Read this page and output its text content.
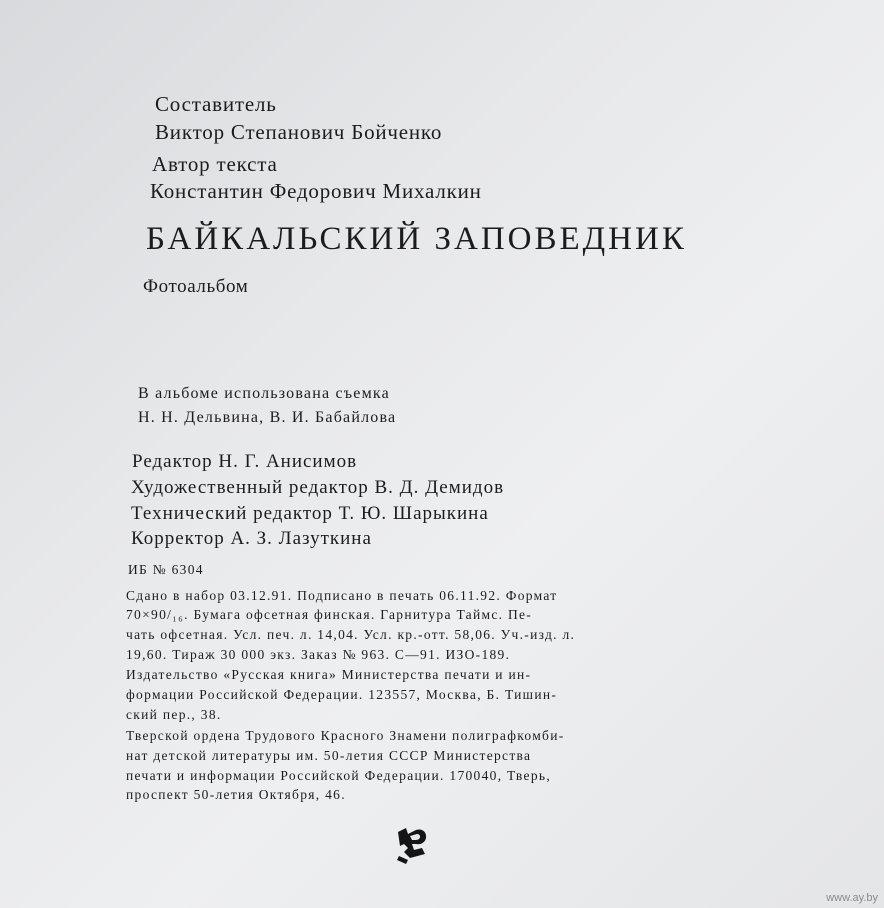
Составитель
Виктор Степанович Бойченко
Автор текста
Константин Федорович Михалкин
БАЙКАЛЬСКИЙ ЗАПОВЕДНИК
Фотоальбом
В альбоме использована съемка
Н. Н. Дельвина, В. И. Бабайлова
Редактор Н. Г. Анисимов
Художественный редактор В. Д. Демидов
Технический редактор Т. Ю. Шарыкина
Корректор А. З. Лазуткина
ИБ № 6304
Сдано в набор 03.12.91. Подписано в печать 06.11.92. Формат
70×90/₁₆. Бумага офсетная финская. Гарнитура Таймс. Пе-
чать офсетная. Усл. печ. л. 14,04. Усл. кр.-отт. 58,06. Уч.-изд. л.
19,60. Тираж 30 000 экз. Заказ № 963. С—91. ИЗО-189.
Издательство «Русская книга» Министерства печати и ин-
формации Российской Федерации. 123557, Москва, Б. Тишин-
ский пер., 38.
Тверской ордена Трудового Красного Знамени полиграфкомби-
нат детской литературы им. 50-летия СССР Министерства
печати и информации Российской Федерации. 170040, Тверь,
проспект 50-летия Октября, 46.
www.ay.by
